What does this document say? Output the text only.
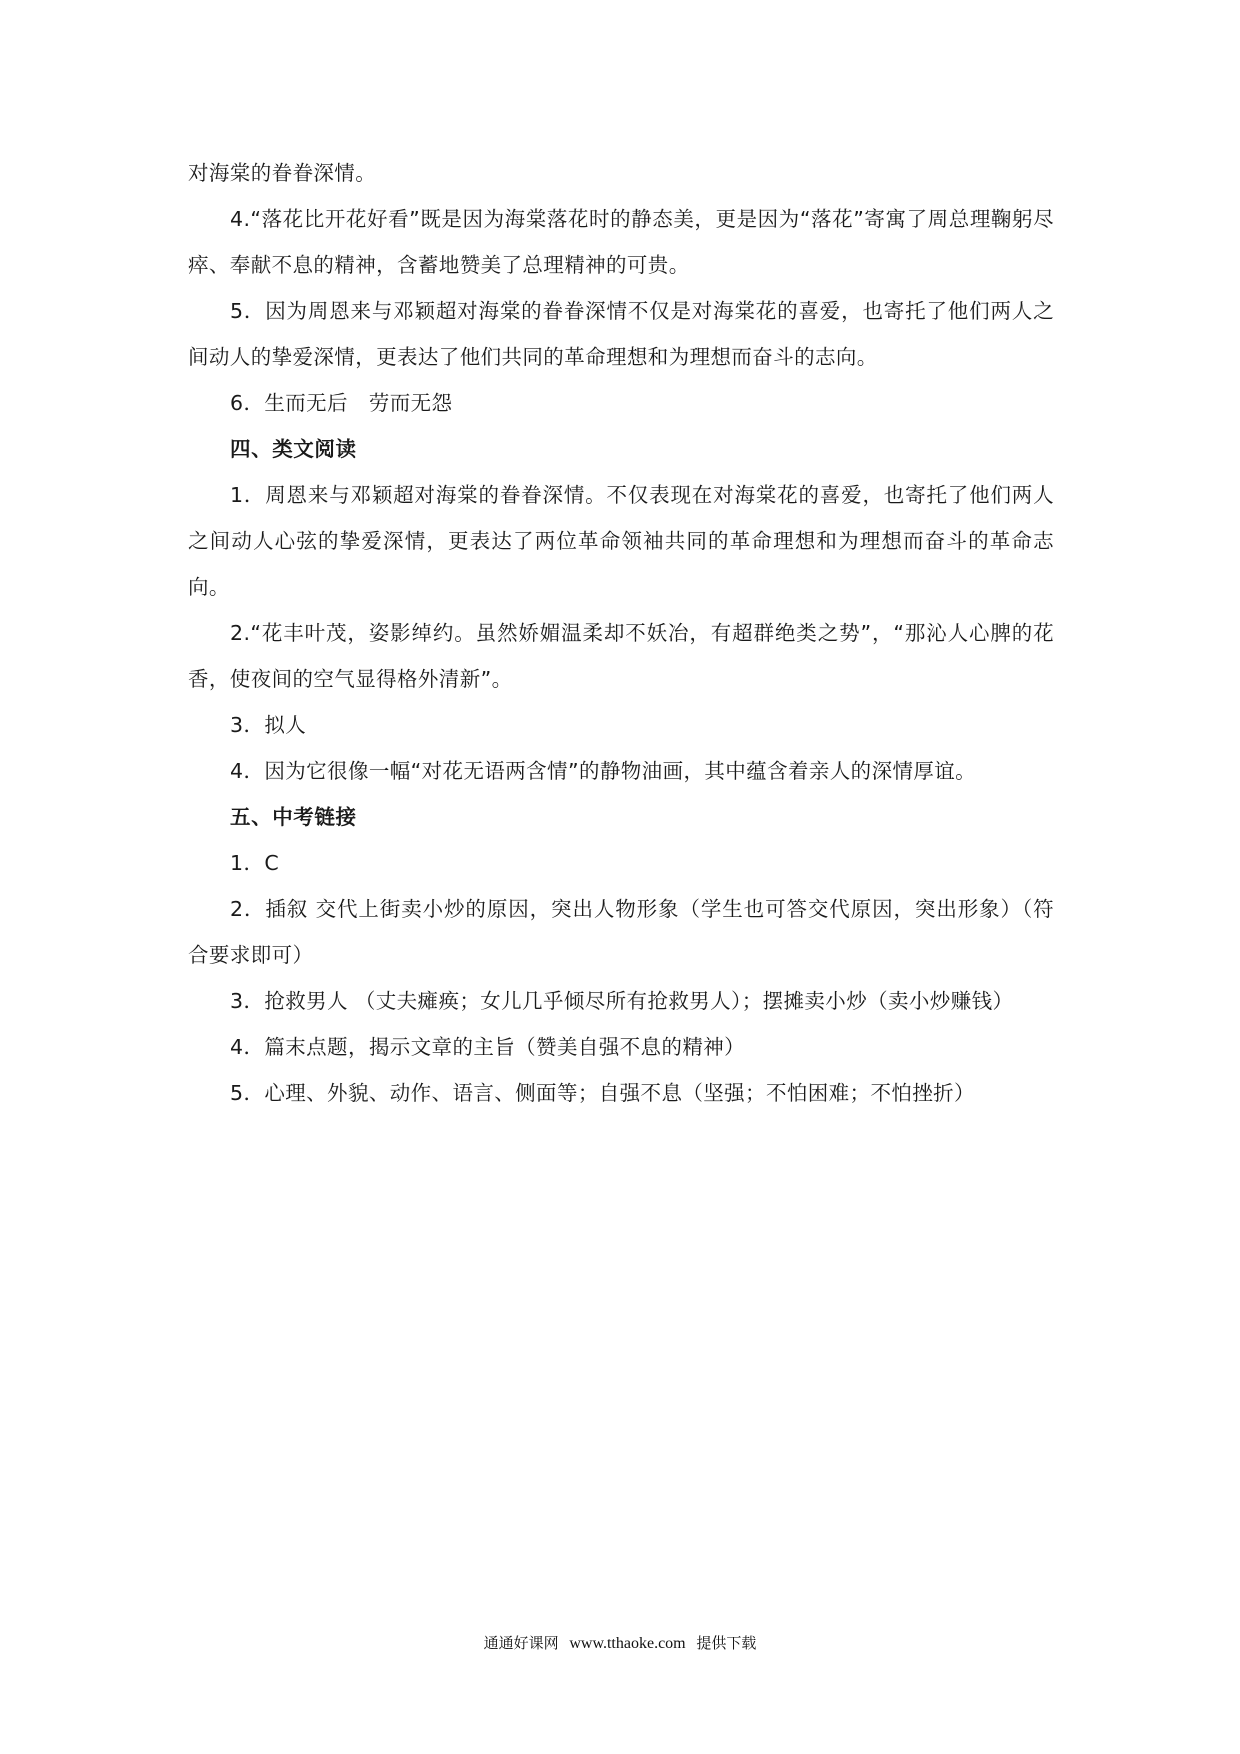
对海棠的眷眷深情。

4.“落花比开花好看”既是因为海棠落花时的静态美，更是因为“落花”寄寓了周总理鞠躬尽瘁、奉献不息的精神，含蓄地赞美了总理精神的可贵。

5．因为周恩来与邓颖超对海棠的眷眷深情不仅是对海棠花的喜爱，也寄托了他们两人之间动人的挚爱深情，更表达了他们共同的革命理想和为理想而奋斗的志向。

6．生而无后　劳而无怨

四、类文阅读

1．周恩来与邓颖超对海棠的眷眷深情。不仅表现在对海棠花的喜爱，也寄托了他们两人之间动人心弦的挚爱深情，更表达了两位革命领袖共同的革命理想和为理想而奋斗的革命志向。

2.“花丰叶茂，姿影绰约。虽然娇媚温柔却不妖冶，有超群绝类之势”，“那沁人心脾的花香，使夜间的空气显得格外清新”。

3．拟人

4．因为它很像一幅“对花无语两含情”的静物油画，其中蕴含着亲人的深情厚谊。

五、中考链接

1．C

2．插叙 交代上街卖小炒的原因，突出人物形象（学生也可答交代原因，突出形象）（符合要求即可）

3．抢救男人 （丈夫瘫痪；女儿几乎倾尽所有抢救男人）；摆摊卖小炒（卖小炒赚钱）

4．篇末点题，揭示文章的主旨（赞美自强不息的精神）

5．心理、外貌、动作、语言、侧面等；自强不息（坚强；不怕困难；不怕挫折）

通通好课网 www.tthaoke.com 提供下载
